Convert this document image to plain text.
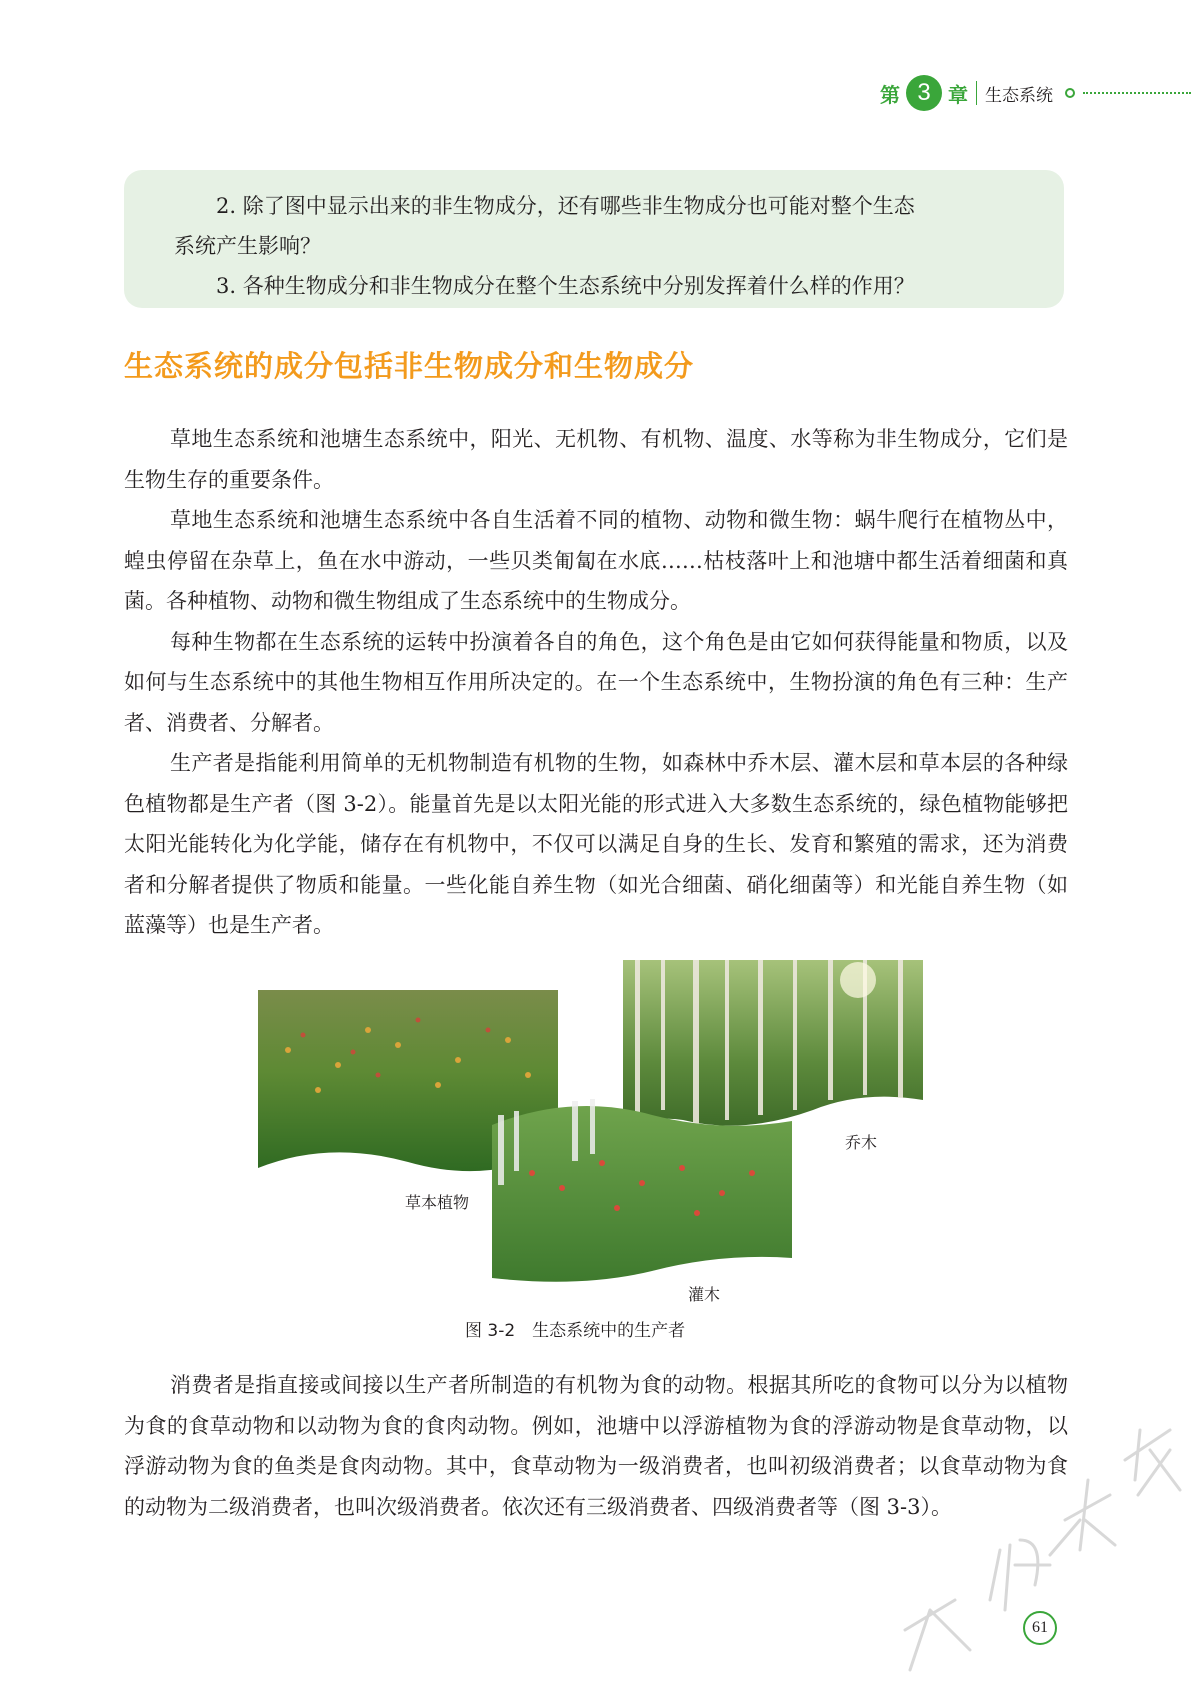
第 3 章 生态系统

2. 除了图中显示出来的非生物成分，还有哪些非生物成分也可能对整个生态

系统产生影响？

3. 各种生物成分和非生物成分在整个生态系统中分别发挥着什么样的作用？

生态系统的成分包括非生物成分和生物成分

草地生态系统和池塘生态系统中，阳光、无机物、有机物、温度、水等称为非生物成分，它们是生物生存的重要条件。

草地生态系统和池塘生态系统中各自生活着不同的植物、动物和微生物：蜗牛爬行在植物丛中，蝗虫停留在杂草上，鱼在水中游动，一些贝类匍匐在水底……枯枝落叶上和池塘中都生活着细菌和真菌。各种植物、动物和微生物组成了生态系统中的生物成分。

每种生物都在生态系统的运转中扮演着各自的角色，这个角色是由它如何获得能量和物质，以及如何与生态系统中的其他生物相互作用所决定的。在一个生态系统中，生物扮演的角色有三种：生产者、消费者、分解者。

生产者是指能利用简单的无机物制造有机物的生物，如森林中乔木层、灌木层和草本层的各种绿色植物都是生产者（图 3-2）。能量首先是以太阳光能的形式进入大多数生态系统的，绿色植物能够把太阳光能转化为化学能，储存在有机物中，不仅可以满足自身的生长、发育和繁殖的需求，还为消费者和分解者提供了物质和能量。一些化能自养生物（如光合细菌、硝化细菌等）和光能自养生物（如蓝藻等）也是生产者。

草本植物
乔木
灌木
图 3-2　生态系统中的生产者

消费者是指直接或间接以生产者所制造的有机物为食的动物。根据其所吃的食物可以分为以植物为食的食草动物和以动物为食的食肉动物。例如，池塘中以浮游植物为食的浮游动物是食草动物，以浮游动物为食的鱼类是食肉动物。其中，食草动物为一级消费者，也叫初级消费者；以食草动物为食的动物为二级消费者，也叫次级消费者。依次还有三级消费者、四级消费者等（图 3-3）。

61
